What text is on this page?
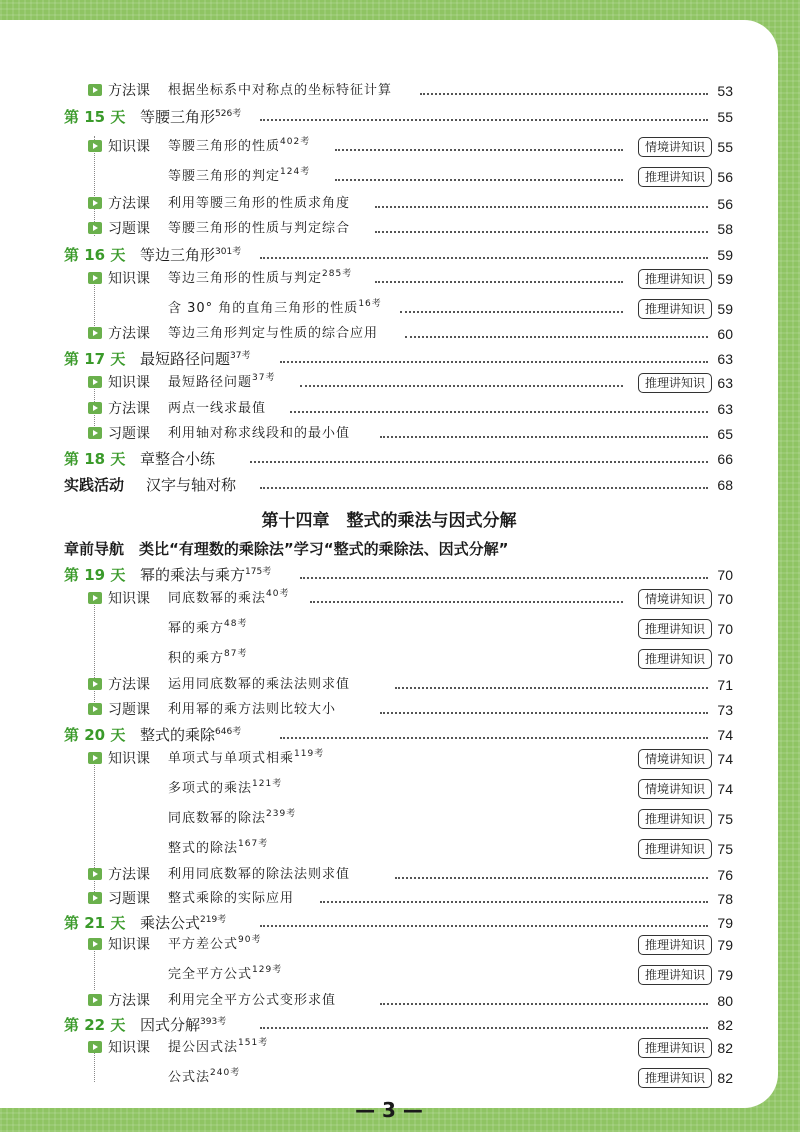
方法课 根据坐标系中对称点的坐标特征计算	53
第 15 天 等腰三角形$^{526考}$	55
知识课 等腰三角形的性质$^{402考}$	情境讲知识 55
等腰三角形的判定$^{124考}$	推理讲知识 56
方法课 利用等腰三角形的性质求角度	56
习题课 等腰三角形的性质与判定综合	58
第 16 天 等边三角形$^{301考}$	59
知识课 等边三角形的性质与判定$^{285考}$	推理讲知识 59
含 30° 角的直角三角形的性质$^{16考}$	推理讲知识 59
方法课 等边三角形判定与性质的综合应用	60
第 17 天 最短路径问题$^{37考}$	63
知识课 最短路径问题$^{37考}$	推理讲知识 63
方法课 两点一线求最值	63
习题课 利用轴对称求线段和的最小值	65
第 18 天 章整合小练	66
实践活动 汉字与轴对称	68
第十四章　整式的乘法与因式分解
章前导航　类比“有理数的乘除法”学习“整式的乘除法、因式分解”
第 19 天 幂的乘法与乘方$^{175考}$	70
知识课 同底数幂的乘法$^{40考}$	情境讲知识 70
幂的乘方$^{48考}$	推理讲知识 70
积的乘方$^{87考}$	推理讲知识 70
方法课 运用同底数幂的乘法法则求值	71
习题课 利用幂的乘方法则比较大小	73
第 20 天 整式的乘除$^{646考}$	74
知识课 单项式与单项式相乘$^{119考}$	情境讲知识 74
多项式的乘法$^{121考}$	情境讲知识 74
同底数幂的除法$^{239考}$	推理讲知识 75
整式的除法$^{167考}$	推理讲知识 75
方法课 利用同底数幂的除法法则求值	76
习题课 整式乘除的实际应用	78
第 21 天 乘法公式$^{219考}$	79
知识课 平方差公式$^{90考}$	推理讲知识 79
完全平方公式$^{129考}$	推理讲知识 79
方法课 利用完全平方公式变形求值	80
第 22 天 因式分解$^{393考}$	82
知识课 提公因式法$^{151考}$	推理讲知识 82
公式法$^{240考}$	推理讲知识 82
— 3 —
